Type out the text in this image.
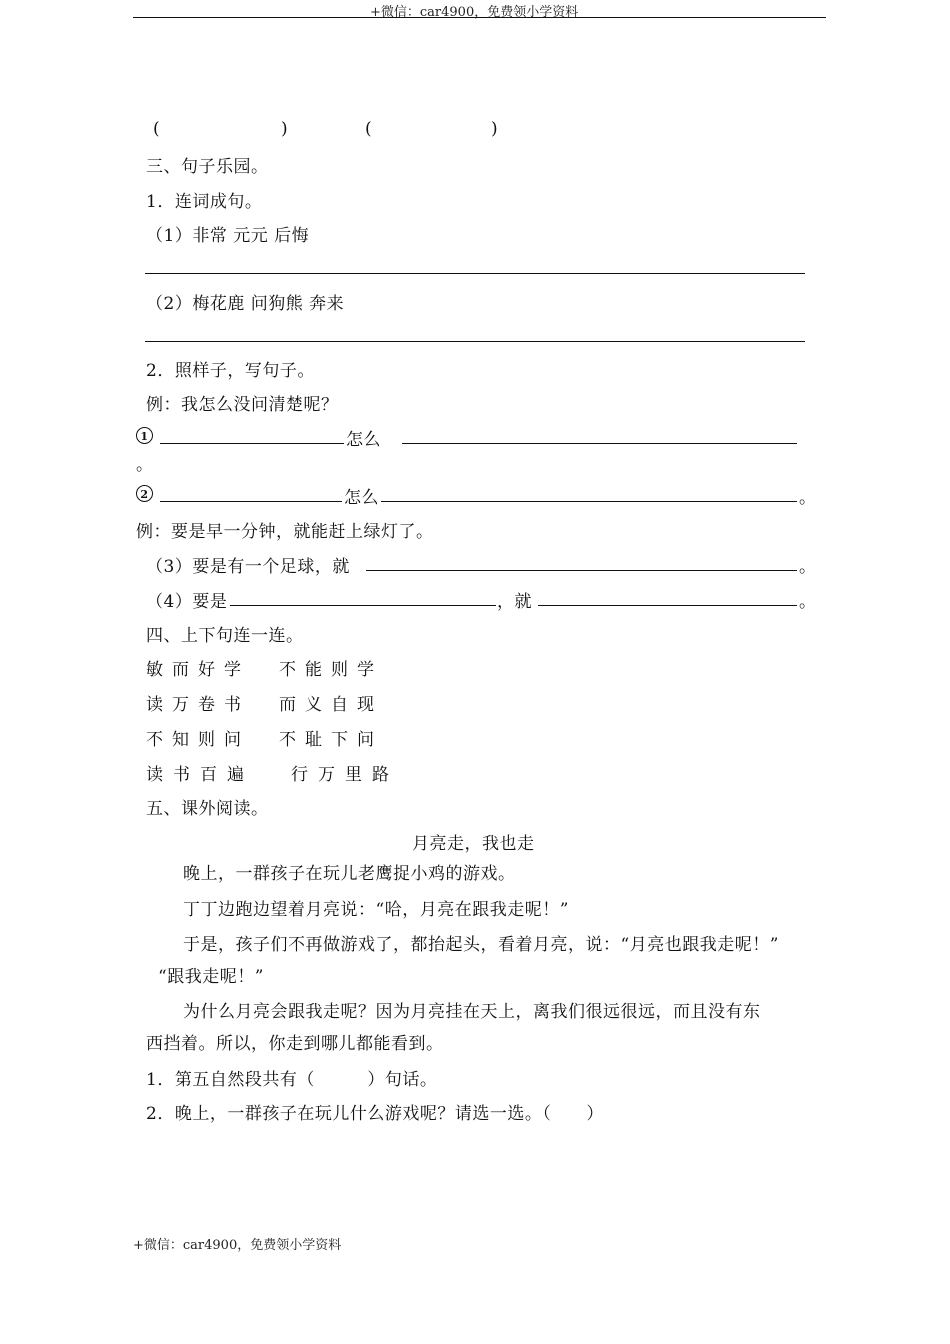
+微信：car4900，免费领小学资料
(	)	(	)
三、句子乐园。
1．连词成句。
（1）非常 元元 后悔
（2）梅花鹿 问狗熊 奔来
2．照样子，写句子。
例：我怎么没问清楚呢？
1	怎么
。
2	怎么	。
例：要是早一分钟，就能赶上绿灯了。
（3）要是有一个足球，就	。
（4）要是	，就	。
四、上下句连一连。
敏而好学 不能则学
读万卷书 而义自现
不知则问 不耻下问
读书百遍 行万里路
五、课外阅读。
月亮走，我也走
晚上，一群孩子在玩儿老鹰捉小鸡的游戏。
丁丁边跑边望着月亮说：“哈，月亮在跟我走呢！”
于是，孩子们不再做游戏了，都抬起头，看着月亮，说：“月亮也跟我走呢！”
“跟我走呢！”
为什么月亮会跟我走呢？因为月亮挂在天上，离我们很远很远，而且没有东
西挡着。所以，你走到哪儿都能看到。
1．第五自然段共有（　　　）句话。
2．晚上，一群孩子在玩儿什么游戏呢？请选一选。（　　）
+微信：car4900，免费领小学资料
